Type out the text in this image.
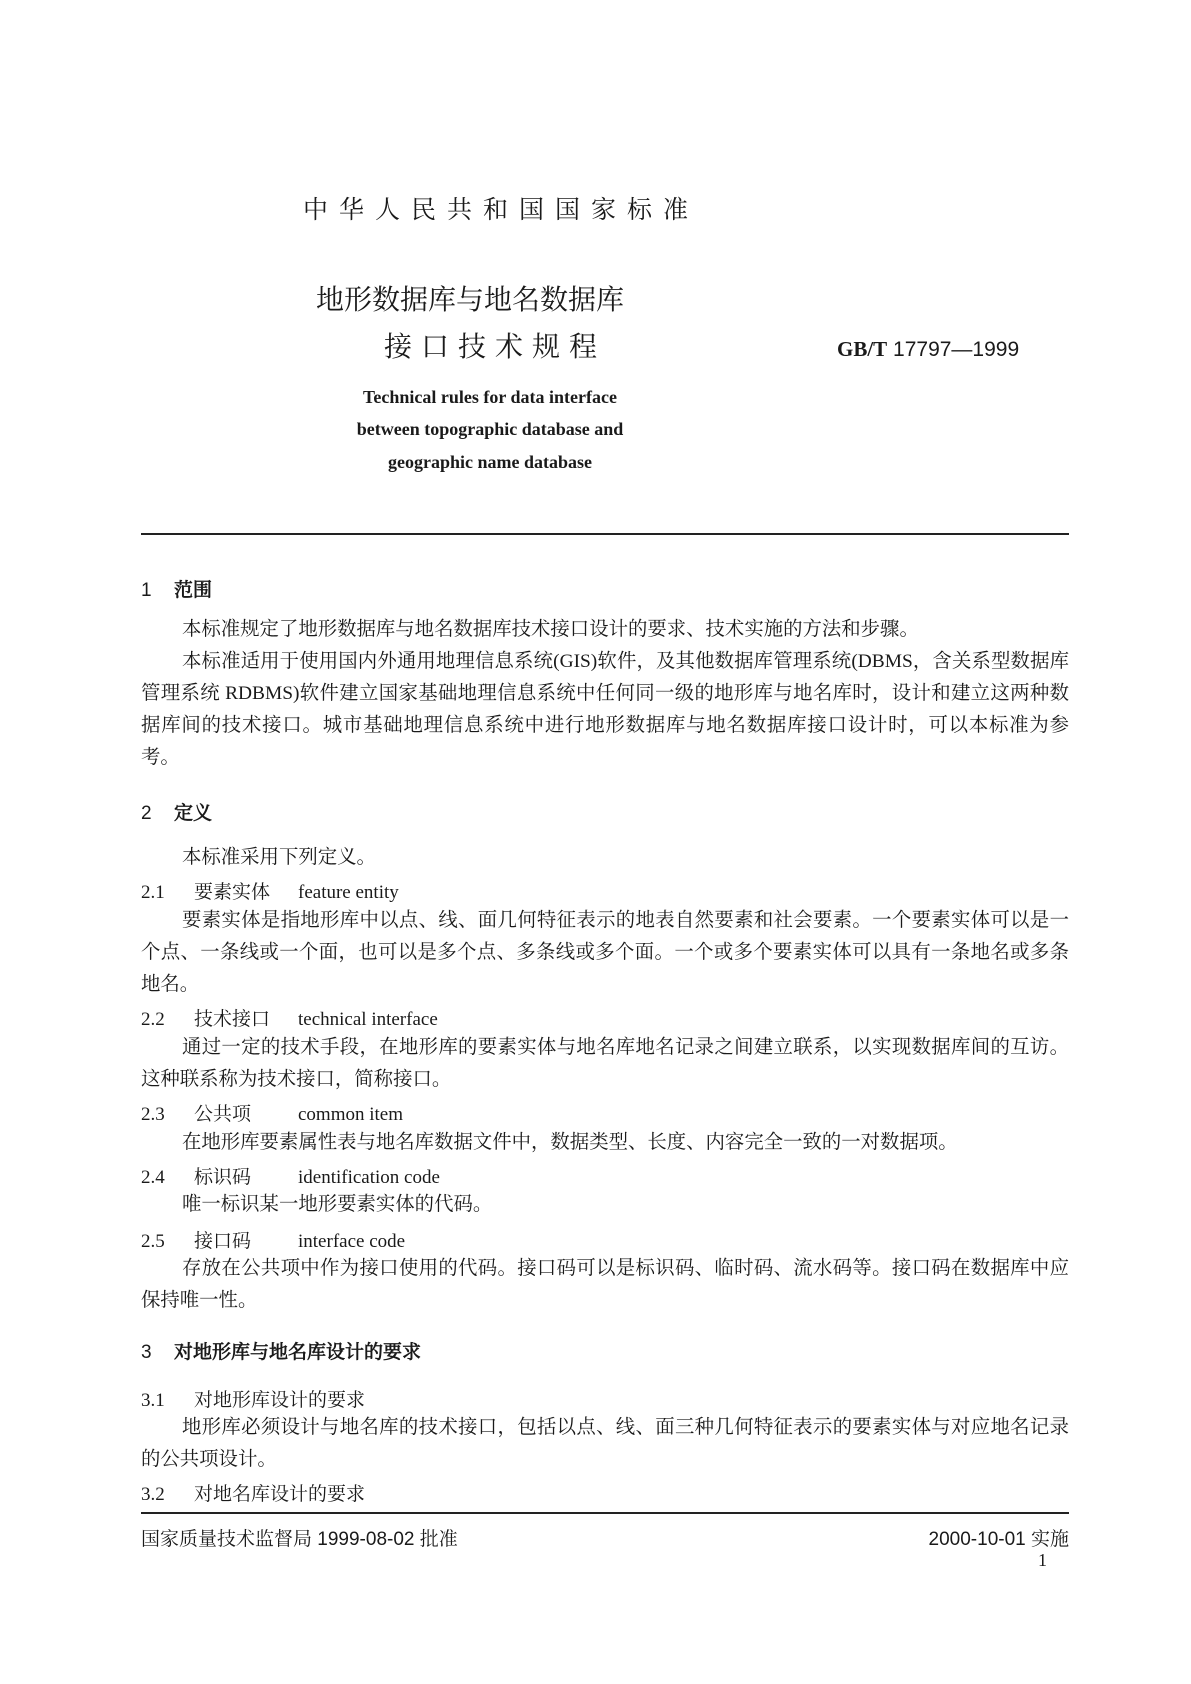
中华人民共和国国家标准
地形数据库与地名数据库
接口技术规程	GB/T 17797—1999
Technical rules for data interface
between topographic database and
geographic name database
1 范围
本标准规定了地形数据库与地名数据库技术接口设计的要求、技术实施的方法和步骤。
本标准适用于使用国内外通用地理信息系统(GIS)软件，及其他数据库管理系统(DBMS，含关系型数据库管理系统 RDBMS)软件建立国家基础地理信息系统中任何同一级的地形库与地名库时，设计和建立这两种数据库间的技术接口。城市基础地理信息系统中进行地形数据库与地名数据库接口设计时，可以本标准为参考。
2 定义
本标准采用下列定义。
2.1 要素实体 feature entity
要素实体是指地形库中以点、线、面几何特征表示的地表自然要素和社会要素。一个要素实体可以是一个点、一条线或一个面，也可以是多个点、多条线或多个面。一个或多个要素实体可以具有一条地名或多条地名。
2.2 技术接口 technical interface
通过一定的技术手段，在地形库的要素实体与地名库地名记录之间建立联系，以实现数据库间的互访。这种联系称为技术接口，简称接口。
2.3 公共项 common item
在地形库要素属性表与地名库数据文件中，数据类型、长度、内容完全一致的一对数据项。
2.4 标识码 identification code
唯一标识某一地形要素实体的代码。
2.5 接口码 interface code
存放在公共项中作为接口使用的代码。接口码可以是标识码、临时码、流水码等。接口码在数据库中应保持唯一性。
3 对地形库与地名库设计的要求
3.1 对地形库设计的要求
地形库必须设计与地名库的技术接口，包括以点、线、面三种几何特征表示的要素实体与对应地名记录的公共项设计。
3.2 对地名库设计的要求
国家质量技术监督局 1999-08-02 批准	2000-10-01 实施
1
